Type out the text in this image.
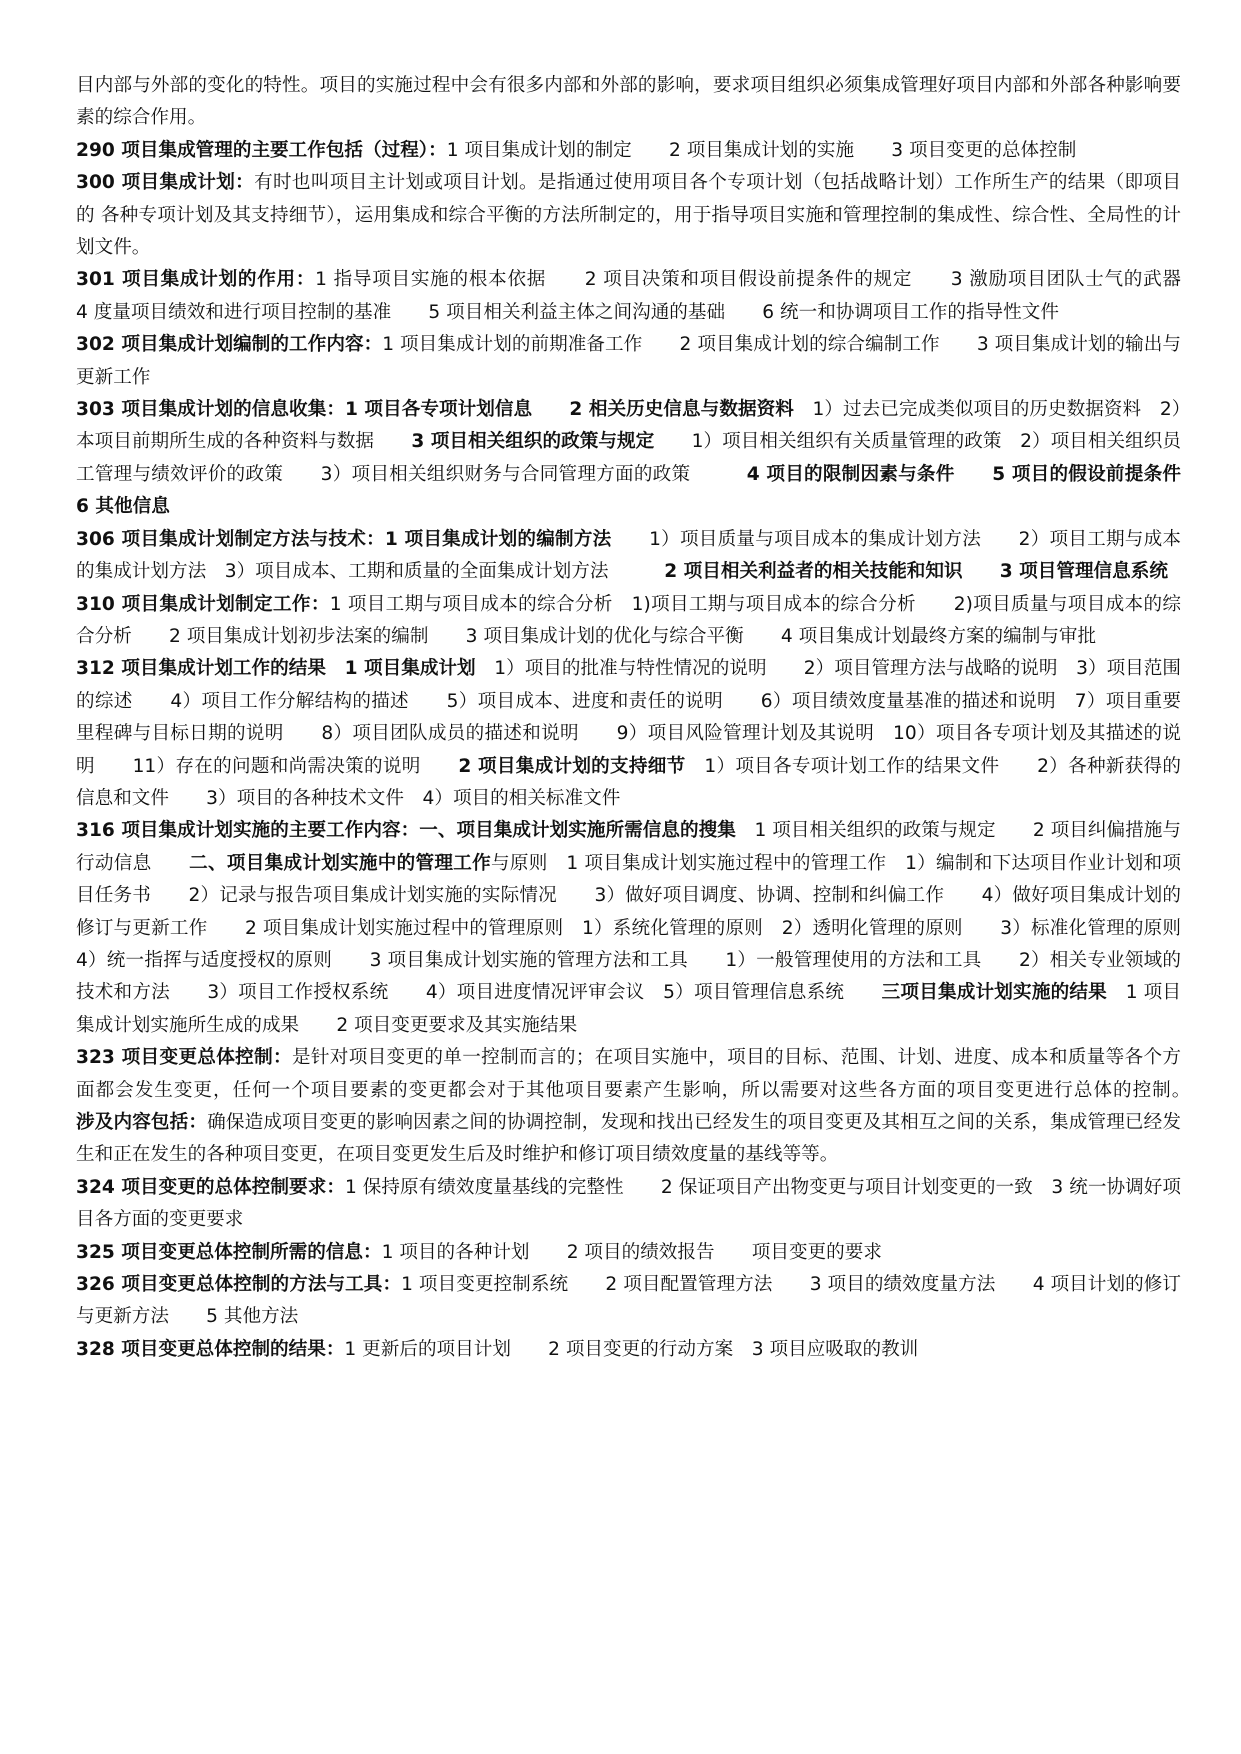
目内部与外部的变化的特性。项目的实施过程中会有很多内部和外部的影响，要求项目组织必须集成管理好项目内部和外部各种影响要素的综合作用。

290 项目集成管理的主要工作包括（过程）：1 项目集成计划的制定　　2 项目集成计划的实施　　3 项目变更的总体控制

300 项目集成计划：有时也叫项目主计划或项目计划。是指通过使用项目各个专项计划（包括战略计划）工作所生产的结果（即项目的 各种专项计划及其支持细节），运用集成和综合平衡的方法所制定的，用于指导项目实施和管理控制的集成性、综合性、全局性的计划文件。

301 项目集成计划的作用：1 指导项目实施的根本依据　　2 项目决策和项目假设前提条件的规定　　3 激励项目团队士气的武器　　4 度量项目绩效和进行项目控制的基准　　5 项目相关利益主体之间沟通的基础　　6 统一和协调项目工作的指导性文件

302 项目集成计划编制的工作内容：1 项目集成计划的前期准备工作　　2 项目集成计划的综合编制工作　　3 项目集成计划的输出与更新工作

303 项目集成计划的信息收集：1 项目各专项计划信息　　2 相关历史信息与数据资料　1）过去已完成类似项目的历史数据资料　2）本项目前期所生成的各种资料与数据　　3 项目相关组织的政策与规定　　1）项目相关组织有关质量管理的政策　2）项目相关组织员工管理与绩效评价的政策　　3）项目相关组织财务与合同管理方面的政策　　　4 项目的限制因素与条件　　5 项目的假设前提条件　　6 其他信息

306 项目集成计划制定方法与技术：1 项目集成计划的编制方法　　1）项目质量与项目成本的集成计划方法　　2）项目工期与成本的集成计划方法　3）项目成本、工期和质量的全面集成计划方法　　　2 项目相关利益者的相关技能和知识　　3 项目管理信息系统

310 项目集成计划制定工作：1 项目工期与项目成本的综合分析　1)项目工期与项目成本的综合分析　　2)项目质量与项目成本的综合分析　　2 项目集成计划初步法案的编制　　3 项目集成计划的优化与综合平衡　　4 项目集成计划最终方案的编制与审批

312 项目集成计划工作的结果　1 项目集成计划　1）项目的批准与特性情况的说明　　2）项目管理方法与战略的说明　3）项目范围的综述　　4）项目工作分解结构的描述　　5）项目成本、进度和责任的说明　　6）项目绩效度量基准的描述和说明　7）项目重要里程碑与目标日期的说明　　8）项目团队成员的描述和说明　　9）项目风险管理计划及其说明　10）项目各专项计划及其描述的说明　　11）存在的问题和尚需决策的说明　　2 项目集成计划的支持细节　1）项目各专项计划工作的结果文件　　2）各种新获得的信息和文件　　3）项目的各种技术文件　4）项目的相关标准文件

316 项目集成计划实施的主要工作内容：一、项目集成计划实施所需信息的搜集　1 项目相关组织的政策与规定　　2 项目纠偏措施与行动信息　　二、项目集成计划实施中的管理工作与原则　1 项目集成计划实施过程中的管理工作　1）编制和下达项目作业计划和项目任务书　　2）记录与报告项目集成计划实施的实际情况　　3）做好项目调度、协调、控制和纠偏工作　　4）做好项目集成计划的修订与更新工作　　2 项目集成计划实施过程中的管理原则　1）系统化管理的原则　2）透明化管理的原则　　3）标准化管理的原则　4）统一指挥与适度授权的原则　　3 项目集成计划实施的管理方法和工具　　1）一般管理使用的方法和工具　　2）相关专业领域的技术和方法　　3）项目工作授权系统　　4）项目进度情况评审会议　5）项目管理信息系统　　三项目集成计划实施的结果　1 项目集成计划实施所生成的成果　　2 项目变更要求及其实施结果

323 项目变更总体控制：是针对项目变更的单一控制而言的；在项目实施中，项目的目标、范围、计划、进度、成本和质量等各个方面都会发生变更，任何一个项目要素的变更都会对于其他项目要素产生影响，所以需要对这些各方面的项目变更进行总体的控制。　　涉及内容包括：确保造成项目变更的影响因素之间的协调控制，发现和找出已经发生的项目变更及其相互之间的关系，集成管理已经发生和正在发生的各种项目变更，在项目变更发生后及时维护和修订项目绩效度量的基线等等。

324 项目变更的总体控制要求：1 保持原有绩效度量基线的完整性　　2 保证项目产出物变更与项目计划变更的一致　3 统一协调好项目各方面的变更要求

325 项目变更总体控制所需的信息：1 项目的各种计划　　2 项目的绩效报告　　项目变更的要求

326 项目变更总体控制的方法与工具：1 项目变更控制系统　　2 项目配置管理方法　　3 项目的绩效度量方法　　4 项目计划的修订与更新方法　　5 其他方法

328 项目变更总体控制的结果：1 更新后的项目计划　　2 项目变更的行动方案　3 项目应吸取的教训
